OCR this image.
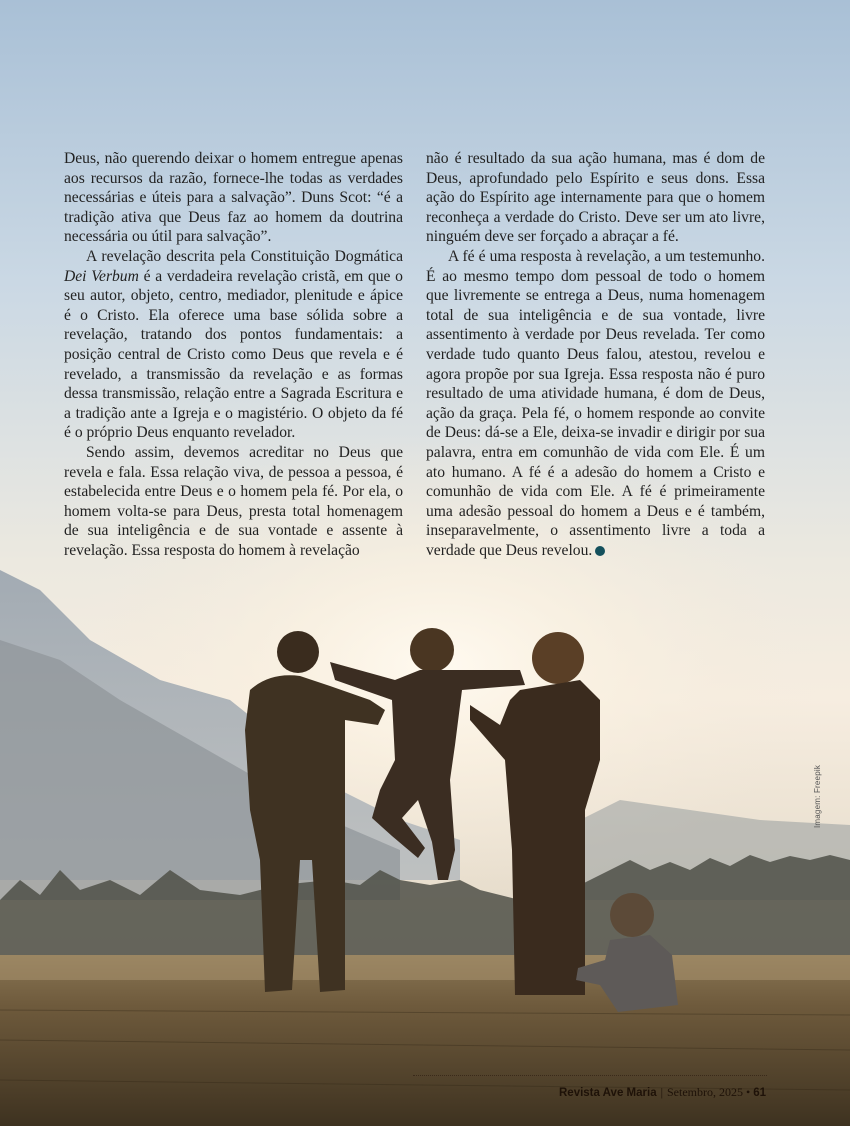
Deus, não querendo deixar o homem entregue apenas aos recursos da razão, fornece-lhe todas as verdades necessárias e úteis para a salvação”. Duns Scot: “é a tradição ativa que Deus faz ao homem da doutrina necessária ou útil para salvação”.

A revelação descrita pela Constituição Dogmática Dei Verbum é a verdadeira revelação cristã, em que o seu autor, objeto, centro, mediador, plenitude e ápice é o Cristo. Ela oferece uma base sólida sobre a revelação, tratando dos pontos fundamentais: a posição central de Cristo como Deus que revela e é revelado, a transmissão da revelação e as formas dessa transmissão, relação entre a Sagrada Escritura e a tradição ante a Igreja e o magistério. O objeto da fé é o próprio Deus enquanto revelador.

Sendo assim, devemos acreditar no Deus que revela e fala. Essa relação viva, de pessoa a pessoa, é estabelecida entre Deus e o homem pela fé. Por ela, o homem volta-se para Deus, presta total homenagem de sua inteligência e de sua vontade e assente à revelação. Essa resposta do homem à revelação

não é resultado da sua ação humana, mas é dom de Deus, aprofundado pelo Espírito e seus dons. Essa ação do Espírito age internamente para que o homem reconheça a verdade do Cristo. Deve ser um ato livre, ninguém deve ser forçado a abraçar a fé.

A fé é uma resposta à revelação, a um testemunho. É ao mesmo tempo dom pessoal de todo o homem que livremente se entrega a Deus, numa homenagem total de sua inteligência e de sua vontade, livre assentimento à verdade por Deus revelada. Ter como verdade tudo quanto Deus falou, atestou, revelou e agora propõe por sua Igreja. Essa resposta não é puro resultado de uma atividade humana, é dom de Deus, ação da graça. Pela fé, o homem responde ao convite de Deus: dá-se a Ele, deixa-se invadir e dirigir por sua palavra, entra em comunhão de vida com Ele. É um ato humano. A fé é a adesão do homem a Cristo e comunhão de vida com Ele. A fé é primeiramente uma adesão pessoal do homem a Deus e é também, inseparavelmente, o assentimento livre a toda a verdade que Deus revelou.

Imagem: Freepik
Revista Ave Maria | Setembro, 2025 • 61
